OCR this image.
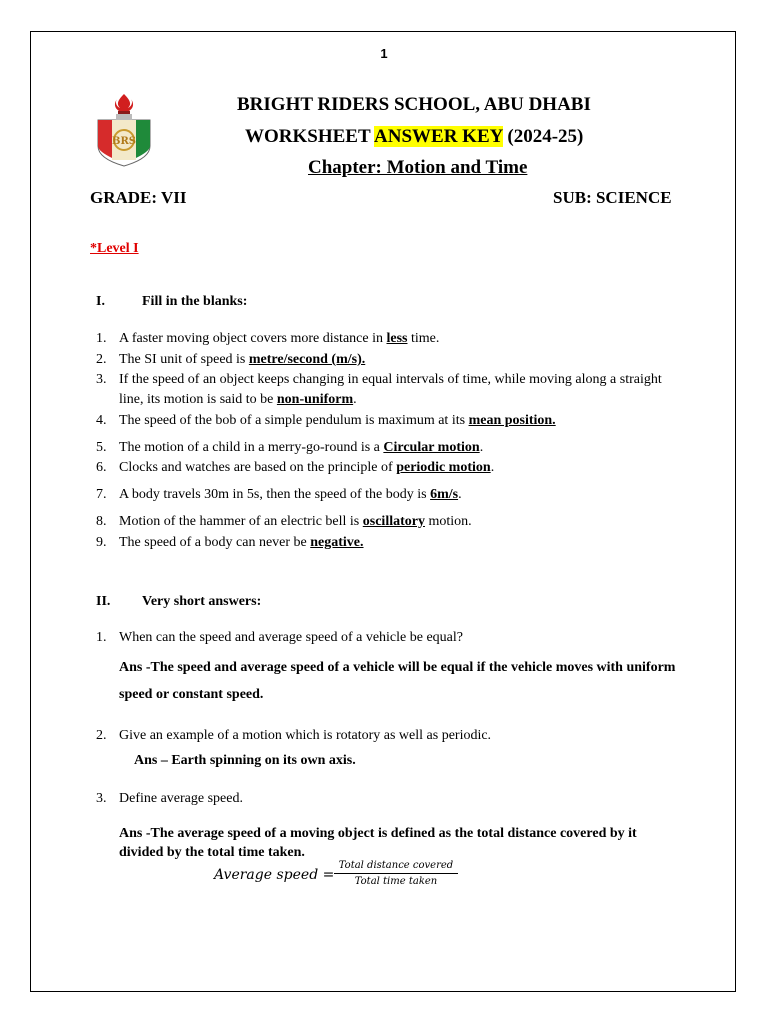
1
BRS
BRIGHT RIDERS SCHOOL, ABU DHABI
WORKSHEET ANSWER KEY (2024-25)
Chapter: Motion and Time
GRADE: VII	SUB: SCIENCE
*Level I
I.	Fill in the blanks:
1. A faster moving object covers more distance in less time.
2. The SI unit of speed is metre/second (m/s).
3. If the speed of an object keeps changing in equal intervals of time, while moving along a straight line, its motion is said to be non-uniform.
4. The speed of the bob of a simple pendulum is maximum at its mean position.
5. The motion of a child in a merry-go-round is a Circular motion.
6. Clocks and watches are based on the principle of periodic motion.
7. A body travels 30m in 5s, then the speed of the body is 6m/s.
8. Motion of the hammer of an electric bell is oscillatory motion.
9. The speed of a body can never be negative.
II. Very short answers:
1. When can the speed and average speed of a vehicle be equal?
Ans -The speed and average speed of a vehicle will be equal if the vehicle moves with uniform speed or constant speed.
2. Give an example of a motion which is rotatory as well as periodic.
Ans – Earth spinning on its own axis.
3. Define average speed.
Ans -The average speed of a moving object is defined as the total distance covered by it divided by the total time taken.
Average speed =
Total distance covered
Total time taken
